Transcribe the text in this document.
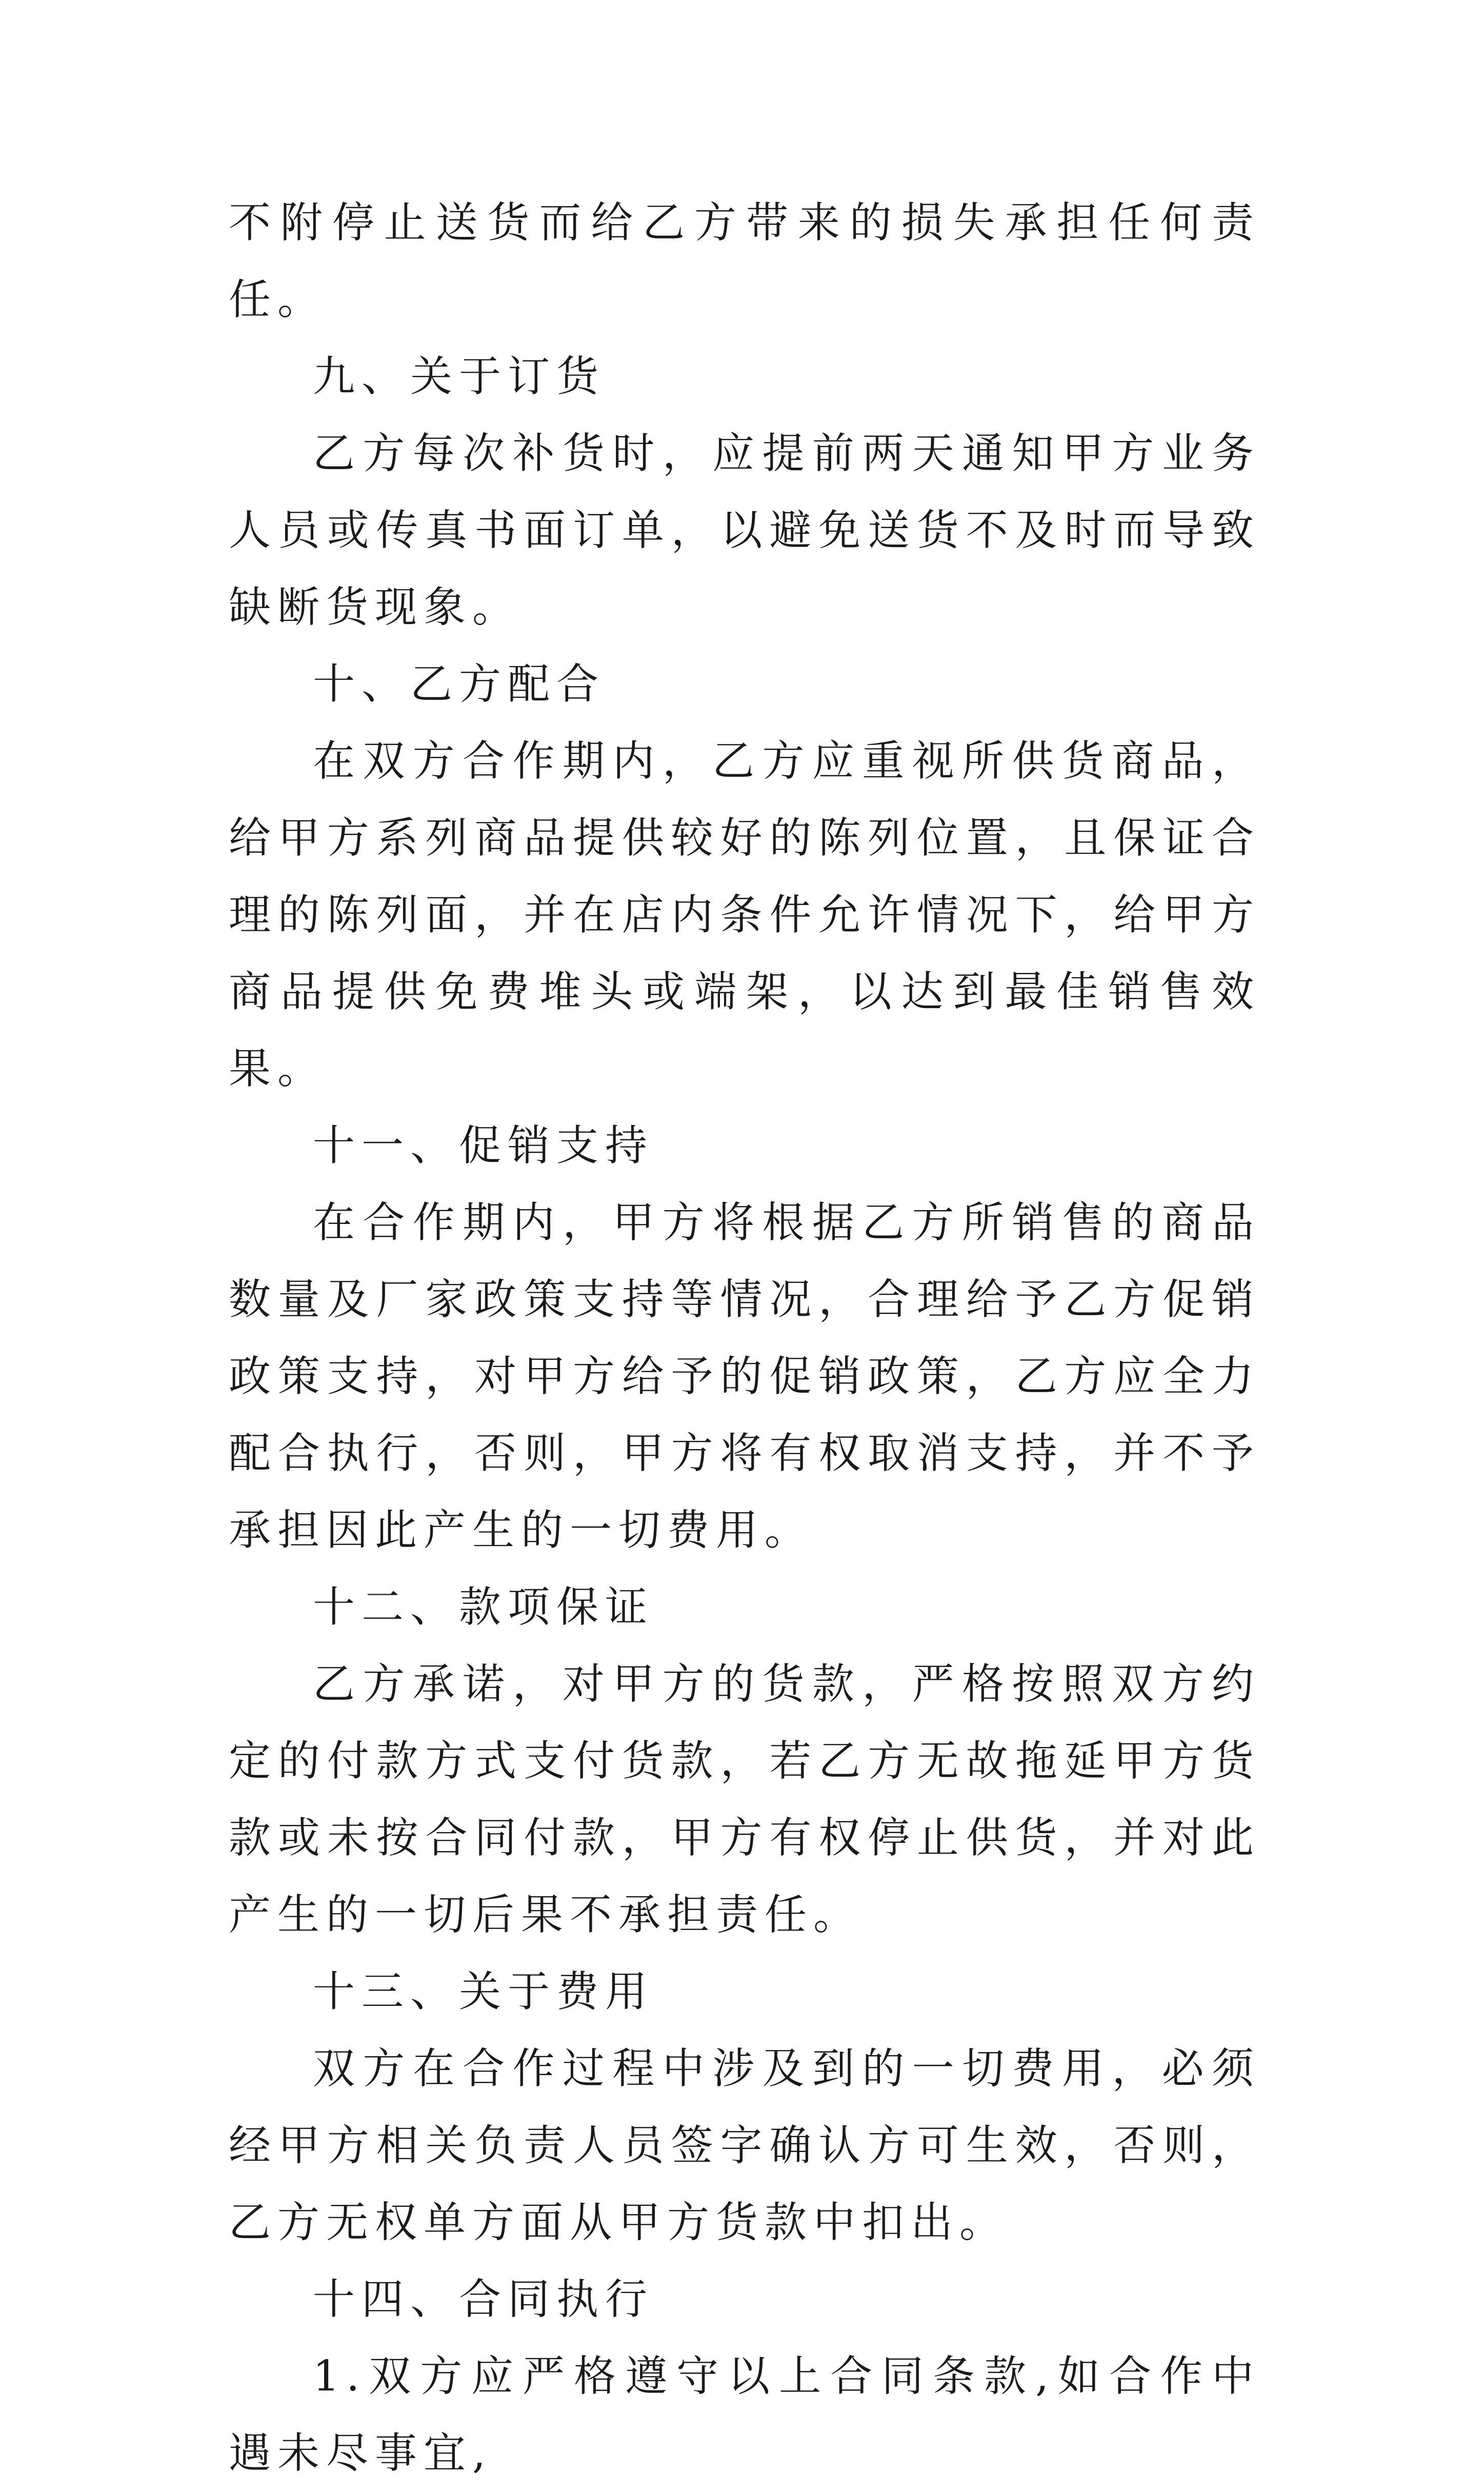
不附停止送货而给乙方带来的损失承担任何责任。

九、关于订货

乙方每次补货时，应提前两天通知甲方业务人员或传真书面订单，以避免送货不及时而导致缺断货现象。

十、乙方配合

在双方合作期内，乙方应重视所供货商品，给甲方系列商品提供较好的陈列位置，且保证合理的陈列面，并在店内条件允许情况下，给甲方商品提供免费堆头或端架，以达到最佳销售效果。

十一、促销支持

在合作期内，甲方将根据乙方所销售的商品数量及厂家政策支持等情况，合理给予乙方促销政策支持，对甲方给予的促销政策，乙方应全力配合执行，否则，甲方将有权取消支持，并不予承担因此产生的一切费用。

十二、款项保证

乙方承诺，对甲方的货款，严格按照双方约定的付款方式支付货款，若乙方无故拖延甲方货款或未按合同付款，甲方有权停止供货，并对此产生的一切后果不承担责任。

十三、关于费用

双方在合作过程中涉及到的一切费用，必须经甲方相关负责人员签字确认方可生效，否则，乙方无权单方面从甲方货款中扣出。

十四、合同执行

1.双方应严格遵守以上合同条款,如合作中遇未尽事宜,
